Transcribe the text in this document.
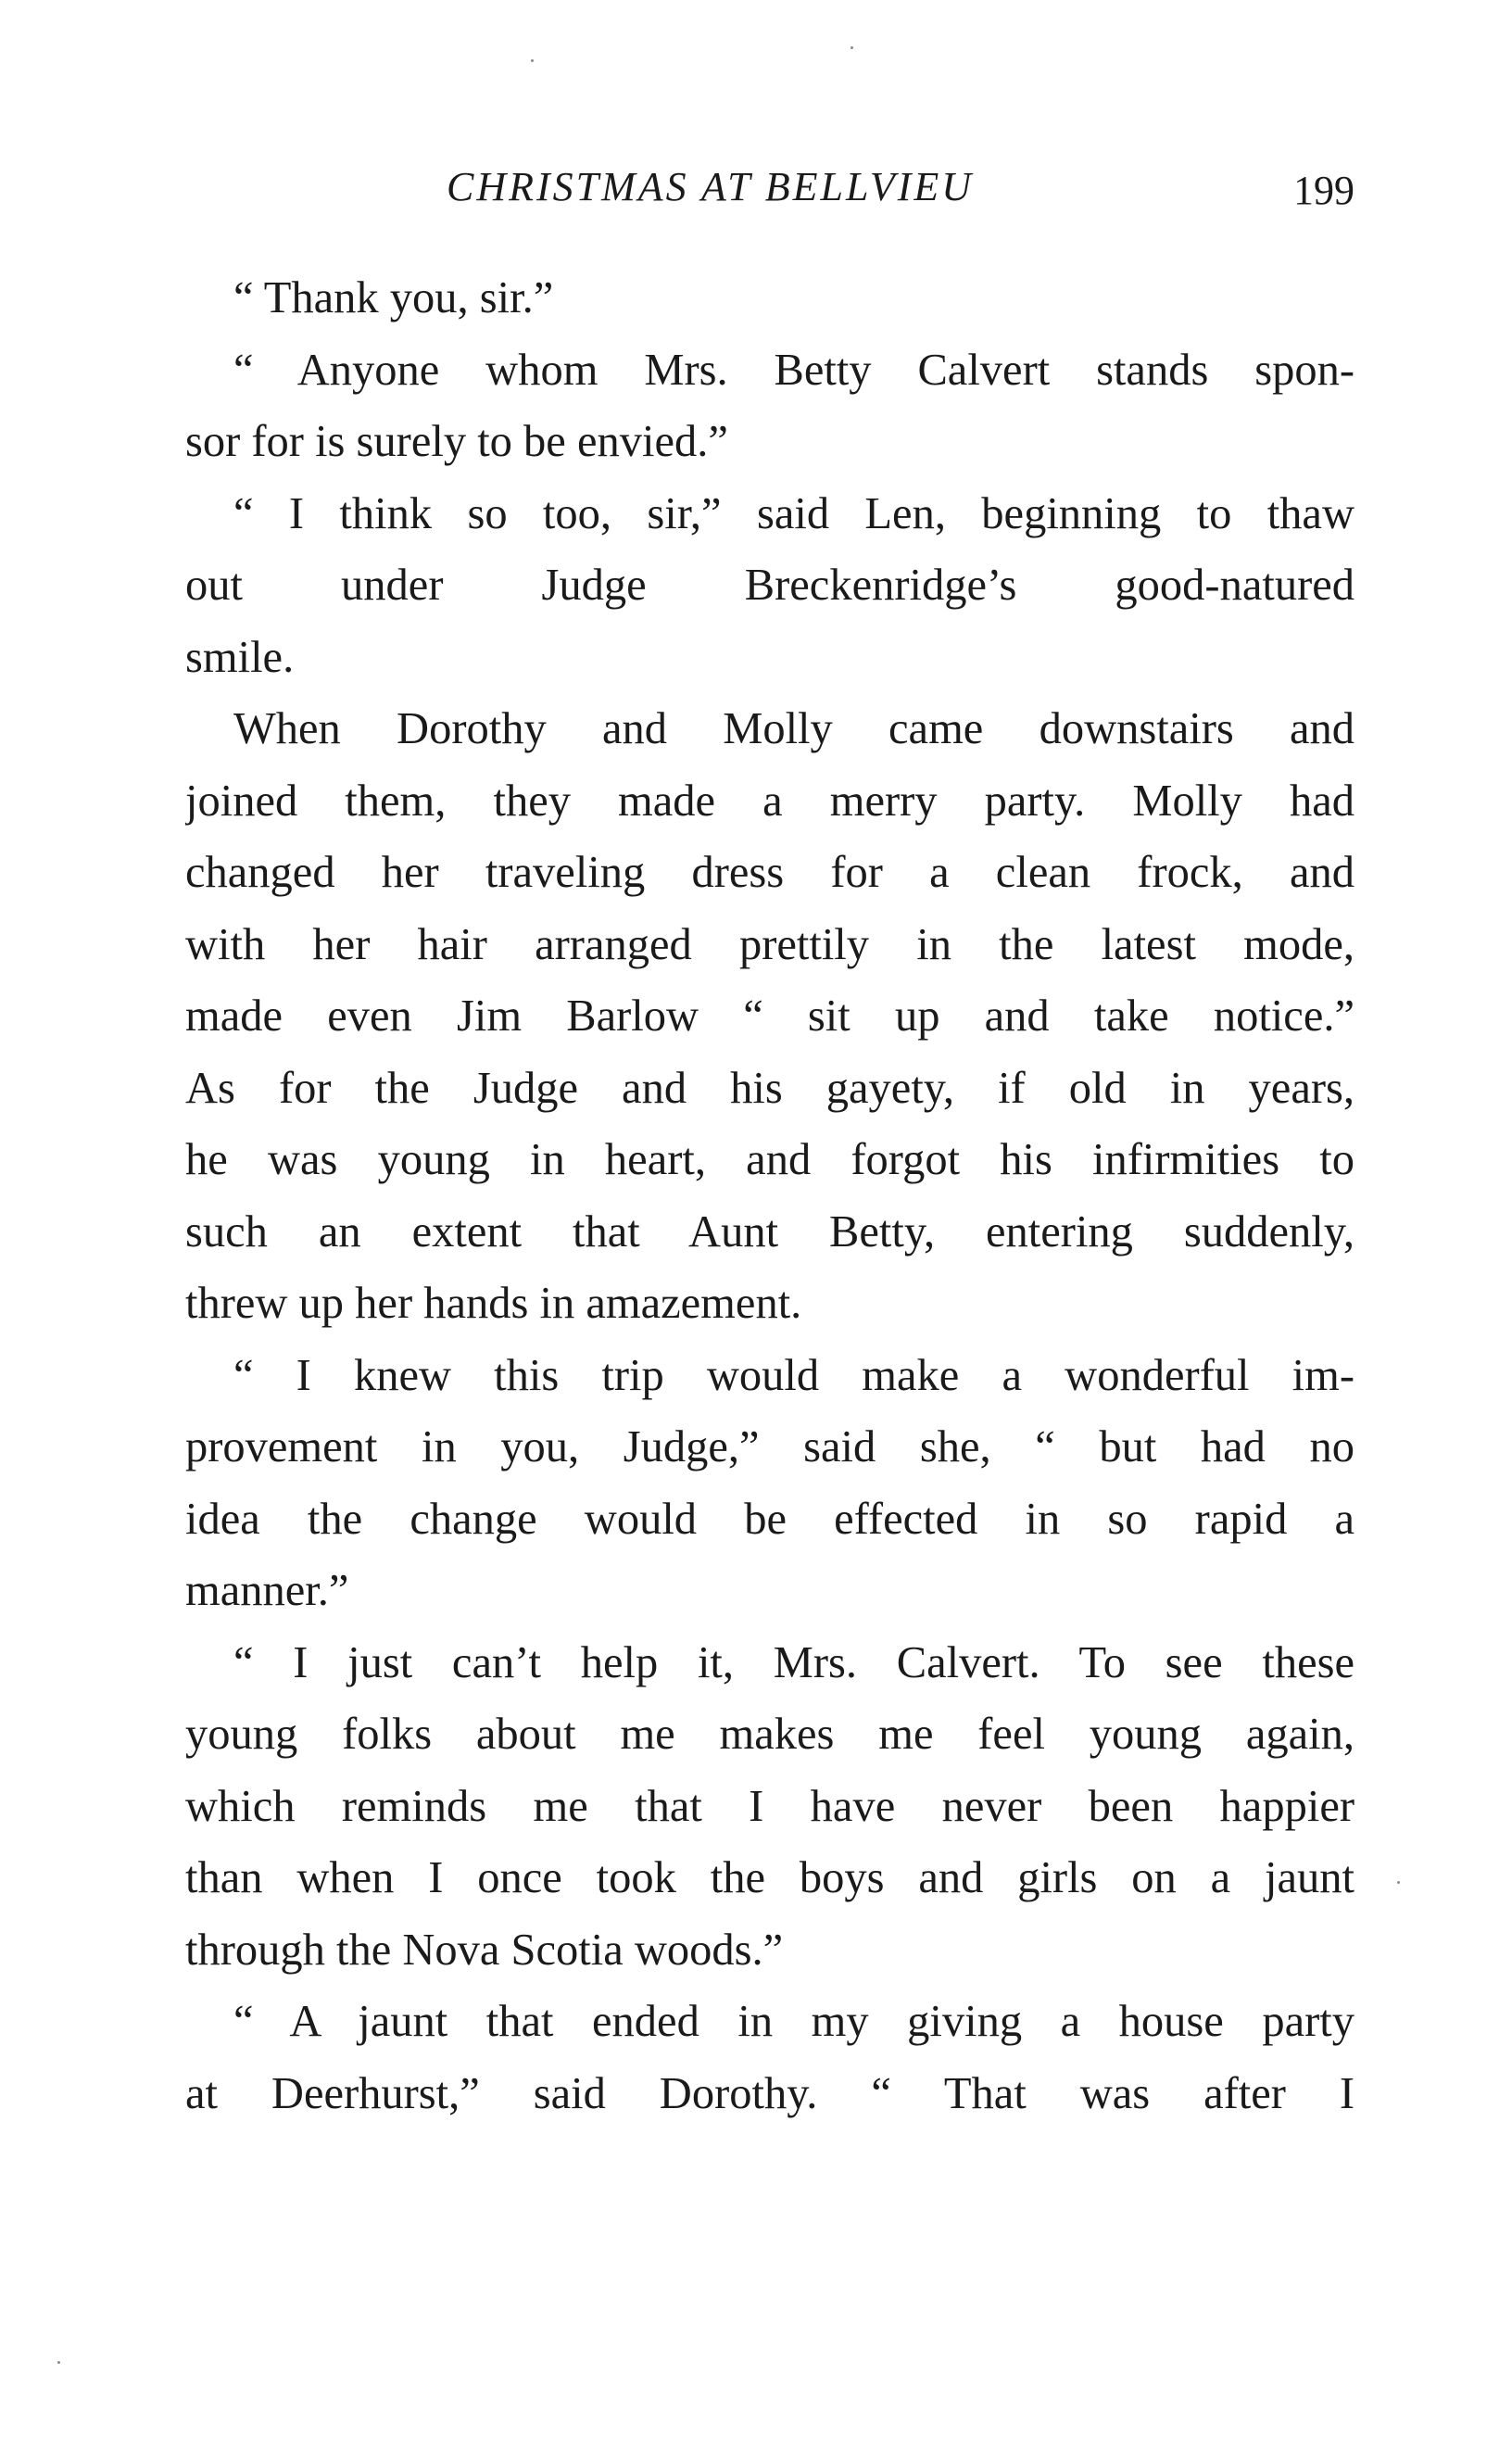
CHRISTMAS AT BELLVIEU	199
“ Thank you, sir.”
“ Anyone whom Mrs. Betty Calvert stands spon-
sor for is surely to be envied.”
“ I think so too, sir,” said Len, beginning to thaw
out under Judge Breckenridge’s good-natured
smile.
When Dorothy and Molly came downstairs and
joined them, they made a merry party. Molly had
changed her traveling dress for a clean frock, and
with her hair arranged prettily in the latest mode,
made even Jim Barlow “ sit up and take notice.”
As for the Judge and his gayety, if old in years,
he was young in heart, and forgot his infirmities to
such an extent that Aunt Betty, entering suddenly,
threw up her hands in amazement.
“ I knew this trip would make a wonderful im-
provement in you, Judge,” said she, “ but had no
idea the change would be effected in so rapid a
manner.”
“ I just can’t help it, Mrs. Calvert. To see these
young folks about me makes me feel young again,
which reminds me that I have never been happier
than when I once took the boys and girls on a jaunt
through the Nova Scotia woods.”
“ A jaunt that ended in my giving a house party
at Deerhurst,” said Dorothy. “ That was after I
